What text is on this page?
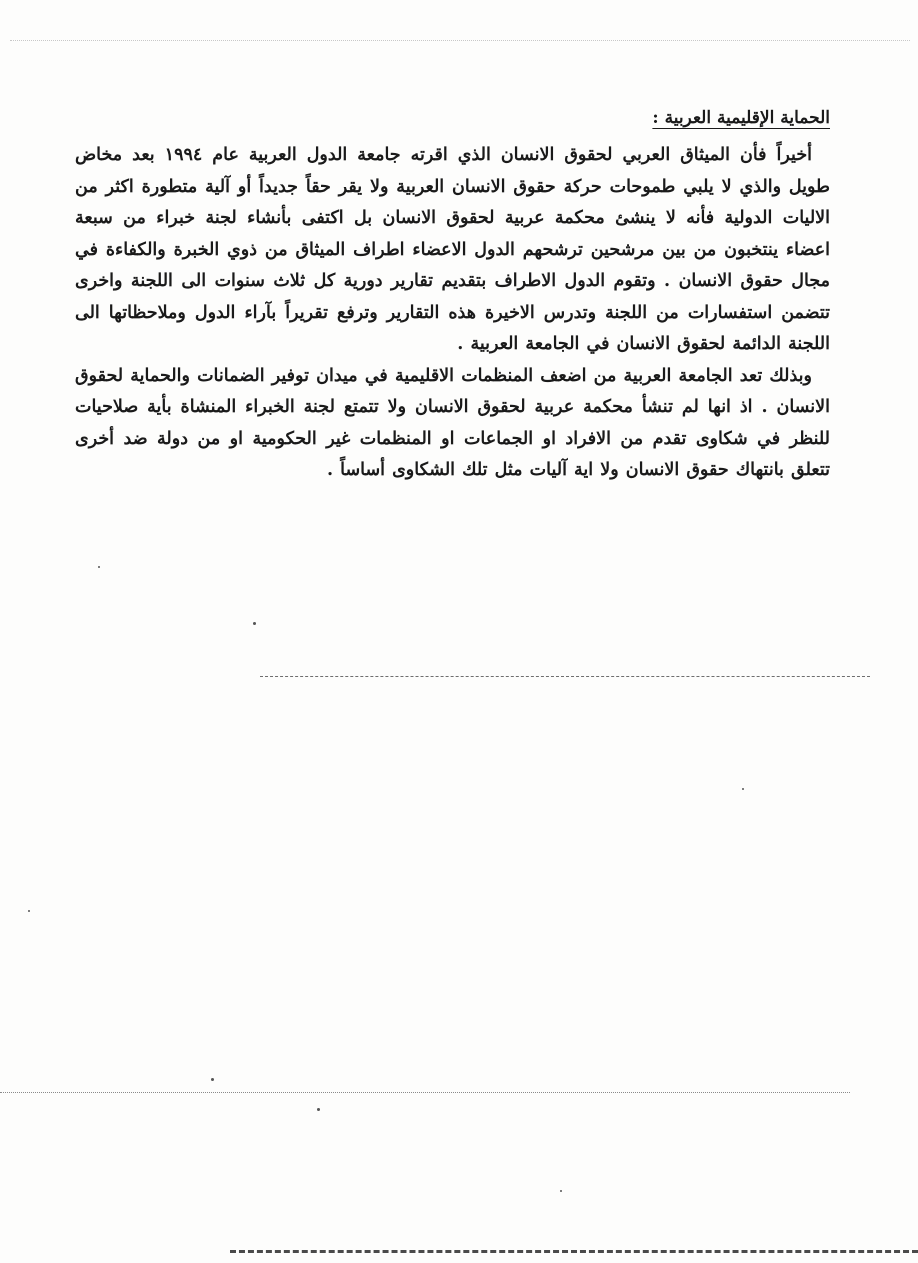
الحماية الإقليمية العربية :

أخيراً فأن الميثاق العربي لحقوق الانسان الذي اقرته جامعة الدول العربية عام ١٩٩٤ بعد مخاض طويل والذي لا يلبي طموحات حركة حقوق الانسان العربية ولا يقر حقاً جديداً أو آلية متطورة اكثر من الاليات الدولية فأنه لا ينشئ محكمة عربية لحقوق الانسان بل اكتفى بأنشاء لجنة خبراء من سبعة اعضاء ينتخبون من بين مرشحين ترشحهم الدول الاعضاء اطراف الميثاق من ذوي الخبرة والكفاءة في مجال حقوق الانسان . وتقوم الدول الاطراف بتقديم تقارير دورية كل ثلاث سنوات الى اللجنة واخرى تتضمن استفسارات من اللجنة وتدرس الاخيرة هذه التقارير وترفع تقريراً بآراء الدول وملاحظاتها الى اللجنة الدائمة لحقوق الانسان في الجامعة العربية .

وبذلك تعد الجامعة العربية من اضعف المنظمات الاقليمية في ميدان توفير الضمانات والحماية لحقوق الانسان . اذ انها لم تنشأ محكمة عربية لحقوق الانسان ولا تتمتع لجنة الخبراء المنشاة بأية صلاحيات للنظر في شكاوى تقدم من الافراد او الجماعات او المنظمات غير الحكومية او من دولة ضد أخرى تتعلق بانتهاك حقوق الانسان ولا اية آليات مثل تلك الشكاوى أساساً .
